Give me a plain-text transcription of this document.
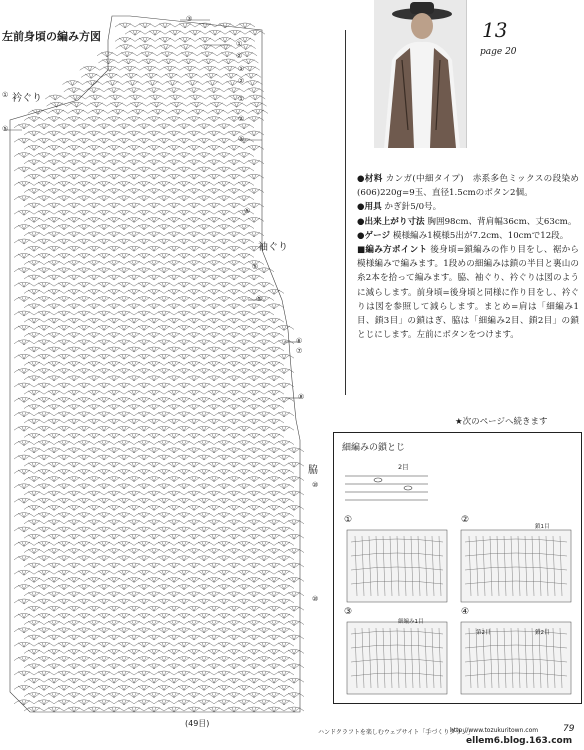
左前身頃の編み方図
衿ぐり
袖ぐり
脇
(49目)
③
①
②
①
②
①
②
①
⑤
⑤
⑤
⑥
⑦
⑧
⑩
⑩
①
⑤
13
page 20

●材料 カンガ(中細タイプ)　赤系多色ミックスの段染め(606)220g=9玉、直径1.5cmのボタン2個。

●用具 かぎ針5/0号。

●出来上がり寸法 胸囲98cm、背肩幅36cm、丈63cm。

●ゲージ 模様編み1模様5出が7.2cm、10cmで12段。

■編み方ポイント 後身頃=鎖編みの作り目をし、裾から模様編みで編みます。1段めの細編みは鎖の半目と裏山の糸2本を拾って編みます。脇、袖ぐり、衿ぐりは図のように減らします。前身頃=後身頃と同様に作り目をし、衿ぐりは図を参照して減らします。まとめ=肩は「細編み1目、鎖3目」の鎖はぎ、脇は「細編み2目、鎖2目」の鎖とじにします。左前にボタンをつけます。

★次のページへ続きます
細編みの鎖とじ
2目
①	②
③	④
鎖1目
細編み1目
第2目	鎖2目
ハンドクラフトを楽しむウェブサイト「手づくりタウン」
http://www.tozukuritown.com	79
ellem6.blog.163.com
